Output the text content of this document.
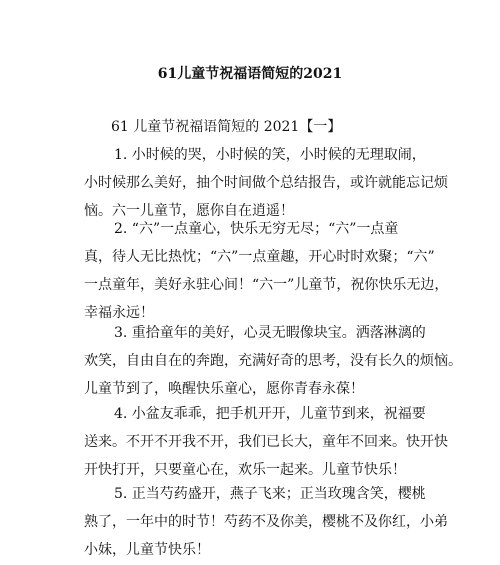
61儿童节祝福语简短的2021
61 儿童节祝福语简短的 2021【一】
1. 小时候的哭，小时候的笑，小时候的无理取闹，
小时候那么美好，抽个时间做个总结报告，或许就能忘记烦
恼。六一儿童节，愿你自在逍遥！
2. “六”一点童心，快乐无穷无尽；“六”一点童
真，待人无比热忱；“六”一点童趣，开心时时欢聚；“六”
一点童年，美好永驻心间！“六一”儿童节，祝你快乐无边，
幸福永远！
3. 重拾童年的美好，心灵无暇像块宝。洒落淋漓的
欢笑，自由自在的奔跑，充满好奇的思考，没有长久的烦恼。
儿童节到了，唤醒快乐童心，愿你青春永葆！
4. 小盆友乖乖，把手机开开，儿童节到来，祝福要
送来。不开不开我不开，我们已长大，童年不回来。快开快
开快打开，只要童心在，欢乐一起来。儿童节快乐！
5. 正当芍药盛开，燕子飞来；正当玫瑰含笑，樱桃
熟了，一年中的时节！芍药不及你美，樱桃不及你红，小弟
小妹，儿童节快乐！
